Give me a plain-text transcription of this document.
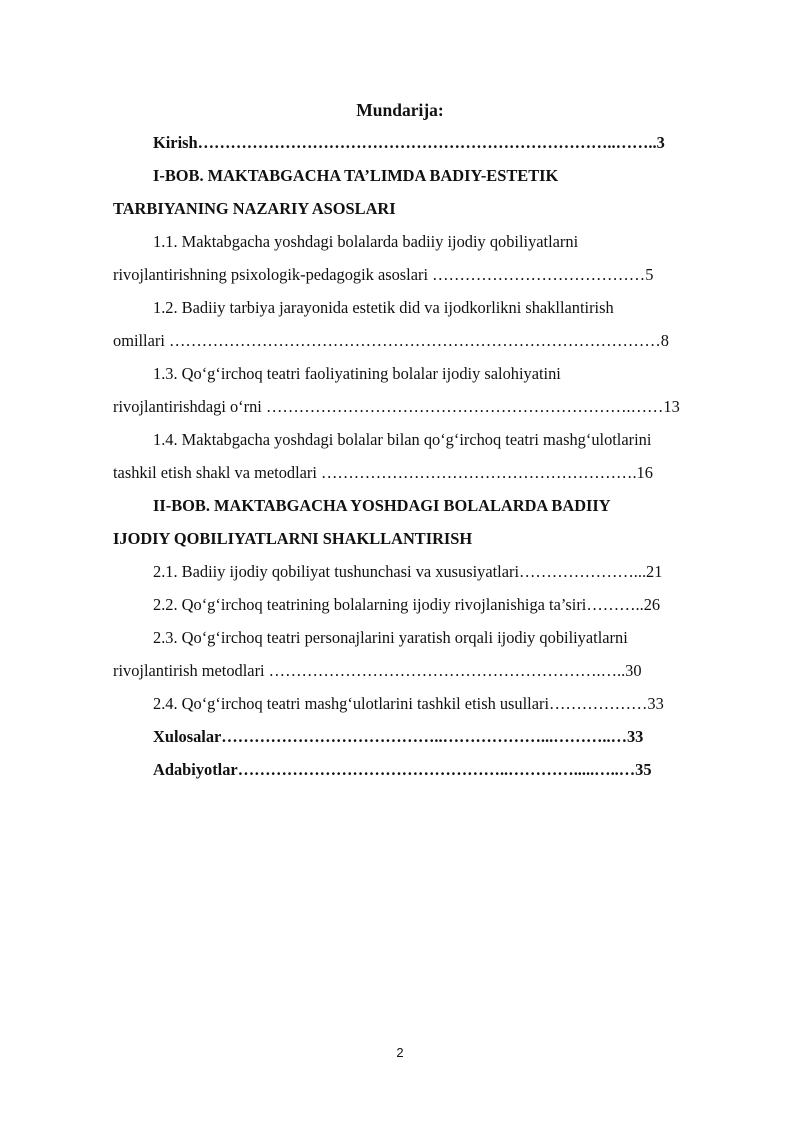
Mundarija:
Kirish…………………………………………………………………..……..3
I-BOB. MAKTABGACHA TA’LIMDA BADIY-ESTETIK
TARBIYANING NAZARIY ASOSLARI
1.1. Maktabgacha yoshdagi bolalarda badiiy ijodiy qobiliyatlarni
rivojlantirishning psixologik-pedagogik asoslari …………………………………5
1.2. Badiiy tarbiya jarayonida estetik did va ijodkorlikni shakllantirish
omillari ………………………………………………………………………………8
1.3. Qo‘g‘irchoq teatri faoliyatining bolalar ijodiy salohiyatini
rivojlantirishdagi o‘rni ………………………………………………………….……13
1.4. Maktabgacha yoshdagi bolalar bilan qo‘g‘irchoq teatri mashg‘ulotlarini
tashkil etish shakl va metodlari ………………………………………………….16
II-BOB. MAKTABGACHA YOSHDAGI BOLALARDA BADIIY
IJODIY QOBILIYATLARNI SHAKLLANTIRISH
2.1. Badiiy ijodiy qobiliyat tushunchasi va xususiyatlari…………………...21
2.2. Qo‘g‘irchoq teatrining bolalarning ijodiy rivojlanishiga ta’siri………..26
2.3. Qo‘g‘irchoq teatri personajlarini yaratish orqali ijodiy qobiliyatlarni
rivojlantirish metodlari …………………………………………………….…..30
2.4. Qo‘g‘irchoq teatri mashg‘ulotlarini tashkil etish usullari………………33
Xulosalar…………………………………..………………...………..…33
Adabiyotlar…………………………………………..………….....…..…35
2
